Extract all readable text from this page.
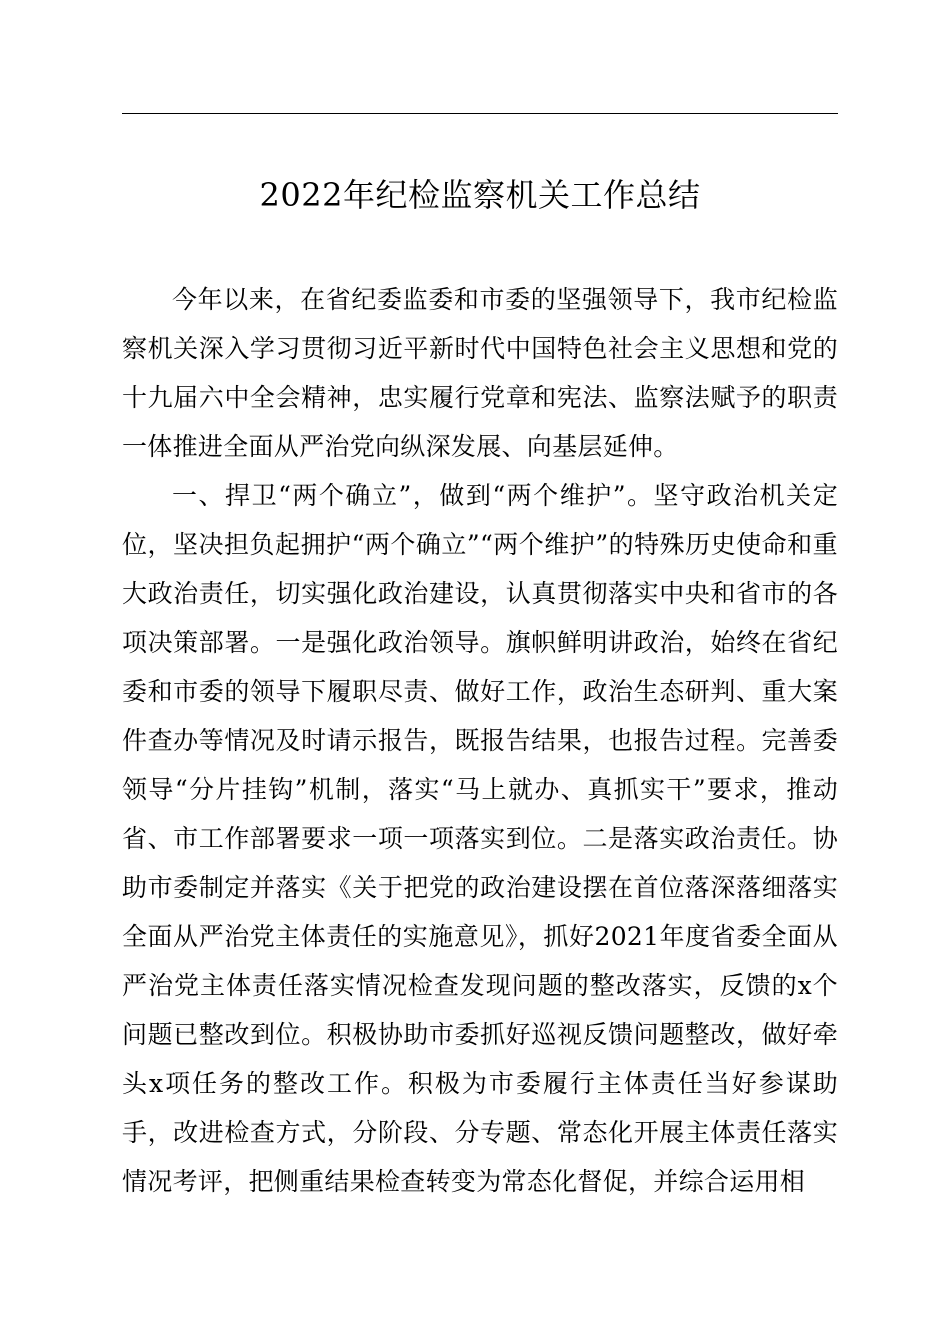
2022年纪检监察机关工作总结

今年以来，在省纪委监委和市委的坚强领导下，我市纪检监察机关深入学习贯彻习近平新时代中国特色社会主义思想和党的十九届六中全会精神，忠实履行党章和宪法、监察法赋予的职责一体推进全面从严治党向纵深发展、向基层延伸。

一、捍卫“两个确立”，做到“两个维护”。坚守政治机关定位，坚决担负起拥护“两个确立”“两个维护”的特殊历史使命和重大政治责任，切实强化政治建设，认真贯彻落实中央和省市的各项决策部署。一是强化政治领导。旗帜鲜明讲政治，始终在省纪委和市委的领导下履职尽责、做好工作，政治生态研判、重大案件查办等情况及时请示报告，既报告结果，也报告过程。完善委领导“分片挂钩”机制，落实“马上就办、真抓实干”要求，推动省、市工作部署要求一项一项落实到位。二是落实政治责任。协助市委制定并落实《关于把党的政治建设摆在首位落深落细落实全面从严治党主体责任的实施意见》，抓好2021年度省委全面从严治党主体责任落实情况检查发现问题的整改落实，反馈的x个问题已整改到位。积极协助市委抓好巡视反馈问题整改，做好牵头x项任务的整改工作。积极为市委履行主体责任当好参谋助手，改进检查方式，分阶段、分专题、常态化开展主体责任落实情况考评，把侧重结果检查转变为常态化督促，并综合运用相
